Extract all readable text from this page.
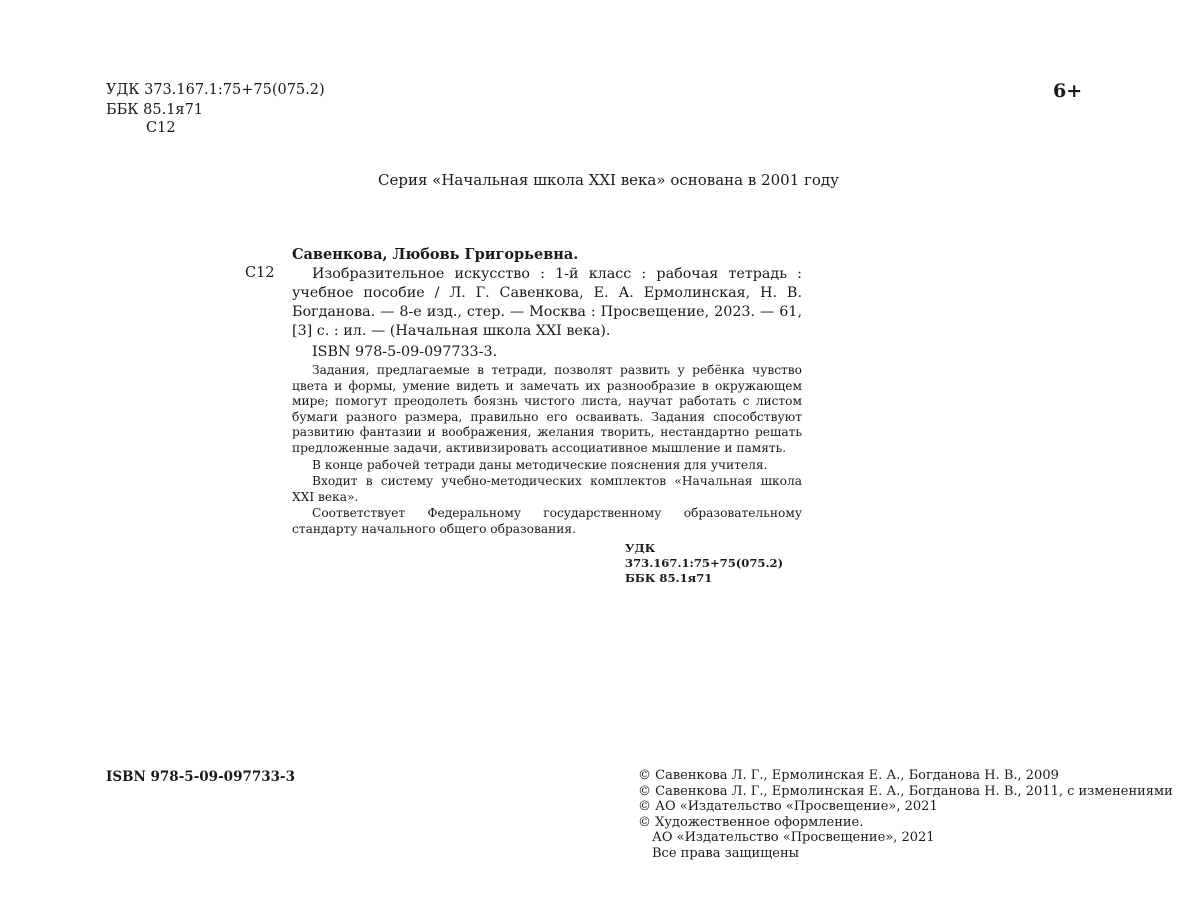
УДК 373.167.1:75+75(075.2)
ББК 85.1я71
С12
6+
Серия «Начальная школа XXI века» основана в 2001 году
С12
Савенкова, Любовь Григорьевна.

Изобразительное искусство : 1-й класс : рабочая тетрадь : учебное пособие / Л. Г. Савенкова, Е. А. Ермолинская, Н. В. Богданова. — 8-е изд., стер. — Москва : Просвещение, 2023. — 61, [3] с. : ил. — (Начальная школа XXI века).

ISBN 978-5-09-097733-3.

Задания, предлагаемые в тетради, позволят развить у ребёнка чувство цвета и формы, умение видеть и замечать их разнообразие в окружающем мире; помогут преодолеть боязнь чистого листа, научат работать с листом бумаги разного размера, правильно его осваивать. Задания способствуют развитию фантазии и воображения, желания творить, нестандартно решать предложенные задачи, активизировать ассоциативное мышление и память.

В конце рабочей тетради даны методические пояснения для учителя.

Входит в систему учебно-методических комплектов «Начальная школа XXI века».

Соответствует Федеральному государственному образовательному стандарту начального общего образования.

УДК 373.167.1:75+75(075.2)
ББК 85.1я71
ISBN 978-5-09-097733-3	© Савенкова Л. Г., Ермолинская Е. А., Богданова Н. В., 2009
© Савенкова Л. Г., Ермолинская Е. А., Богданова Н. В., 2011, с изменениями
© АО «Издательство «Просвещение», 2021
© Художественное оформление.
АО «Издательство «Просвещение», 2021
Все права защищены
